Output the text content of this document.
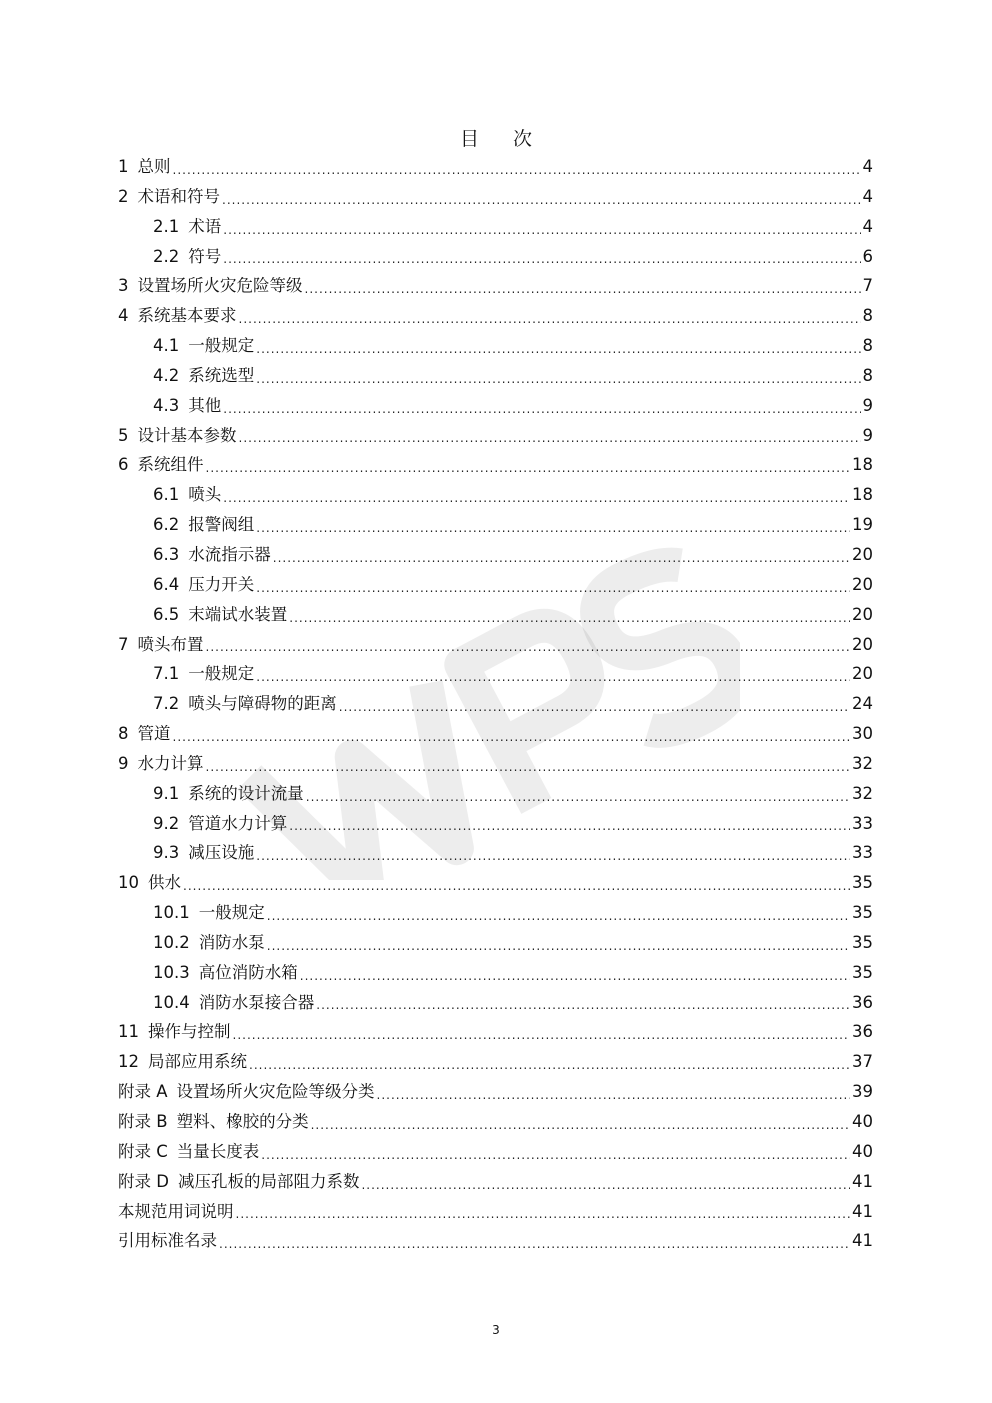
目 次
1 总则 .....	4
2 术语和符号 .....	4
2.1 术语 .....	4
2.2 符号 .....	6
3 设置场所火灾危险等级 .....	7
4 系统基本要求 .....	8
4.1 一般规定 .....	8
4.2 系统选型 .....	8
4.3 其他 .....	9
5 设计基本参数 .....	9
6 系统组件 .....	18
6.1 喷头 .....	18
6.2 报警阀组 .....	19
6.3 水流指示器 .....	20
6.4 压力开关 .....	20
6.5 末端试水装置 .....	20
7 喷头布置 .....	20
7.1 一般规定 .....	20
7.2 喷头与障碍物的距离 .....	24
8 管道 .....	30
9 水力计算 .....	32
9.1 系统的设计流量 .....	32
9.2 管道水力计算 .....	33
9.3 减压设施 .....	33
10 供水 .....	35
10.1 一般规定 .....	35
10.2 消防水泵 .....	35
10.3 高位消防水箱 .....	35
10.4 消防水泵接合器 .....	36
11 操作与控制 .....	36
12 局部应用系统 .....	37
附录 A 设置场所火灾危险等级分类 .....	39
附录 B 塑料、橡胶的分类 .....	40
附录 C 当量长度表 .....	40
附录 D 减压孔板的局部阻力系数 .....	41
本规范用词说明 .....	41
引用标准名录 .....	41
3
